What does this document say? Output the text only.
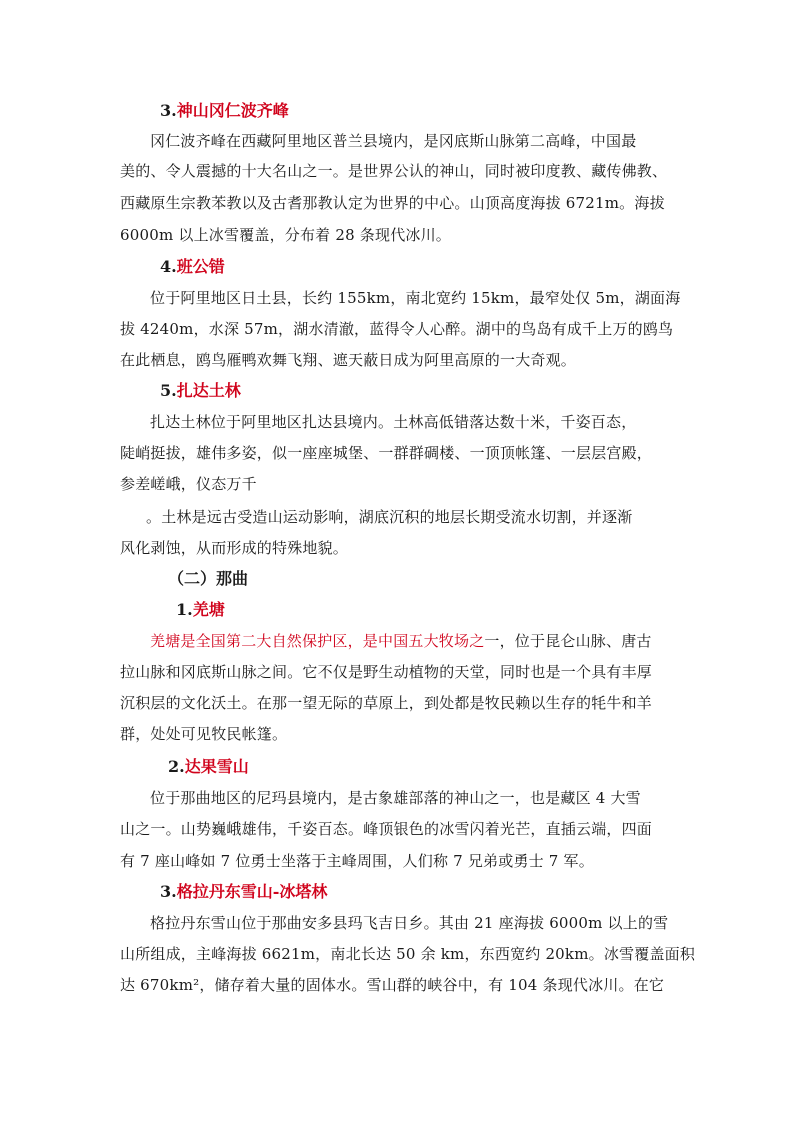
3.神山冈仁波齐峰
冈仁波齐峰在西藏阿里地区普兰县境内，是冈底斯山脉第二高峰，中国最
美的、令人震撼的十大名山之一。是世界公认的神山，同时被印度教、藏传佛教、
西藏原生宗教苯教以及古耆那教认定为世界的中心。山顶高度海拔 6721m。海拔
6000m 以上冰雪覆盖，分布着 28 条现代冰川。
4.班公错
位于阿里地区日土县，长约 155km，南北宽约 15km，最窄处仅 5m，湖面海
拔 4240m，水深 57m，湖水清澈，蓝得令人心醉。湖中的鸟岛有成千上万的鸥鸟
在此栖息，鸥鸟雁鸭欢舞飞翔、遮天蔽日成为阿里高原的一大奇观。
5.扎达土林
扎达土林位于阿里地区扎达县境内。土林高低错落达数十米，千姿百态，
陡峭挺拔，雄伟多姿，似一座座城堡、一群群碉楼、一顶顶帐篷、一层层宫殿，
参差嵯峨，仪态万千
。土林是远古受造山运动影响，湖底沉积的地层长期受流水切割，并逐渐
风化剥蚀，从而形成的特殊地貌。
（二）那曲
1.羌塘
羌塘是全国第二大自然保护区，是中国五大牧场之一，位于昆仑山脉、唐古
拉山脉和冈底斯山脉之间。它不仅是野生动植物的天堂，同时也是一个具有丰厚
沉积层的文化沃土。在那一望无际的草原上，到处都是牧民赖以生存的牦牛和羊
群，处处可见牧民帐篷。
2.达果雪山
位于那曲地区的尼玛县境内，是古象雄部落的神山之一，也是藏区 4 大雪
山之一。山势巍峨雄伟，千姿百态。峰顶银色的冰雪闪着光芒，直插云端，四面
有 7 座山峰如 7 位勇士坐落于主峰周围，人们称 7 兄弟或勇士 7 军。
3.格拉丹东雪山-冰塔林
格拉丹东雪山位于那曲安多县玛飞吉日乡。其由 21 座海拔 6000m 以上的雪
山所组成，主峰海拔 6621m，南北长达 50 余 km，东西宽约 20km。冰雪覆盖面积
达 670km²，储存着大量的固体水。雪山群的峡谷中，有 104 条现代冰川。在它
